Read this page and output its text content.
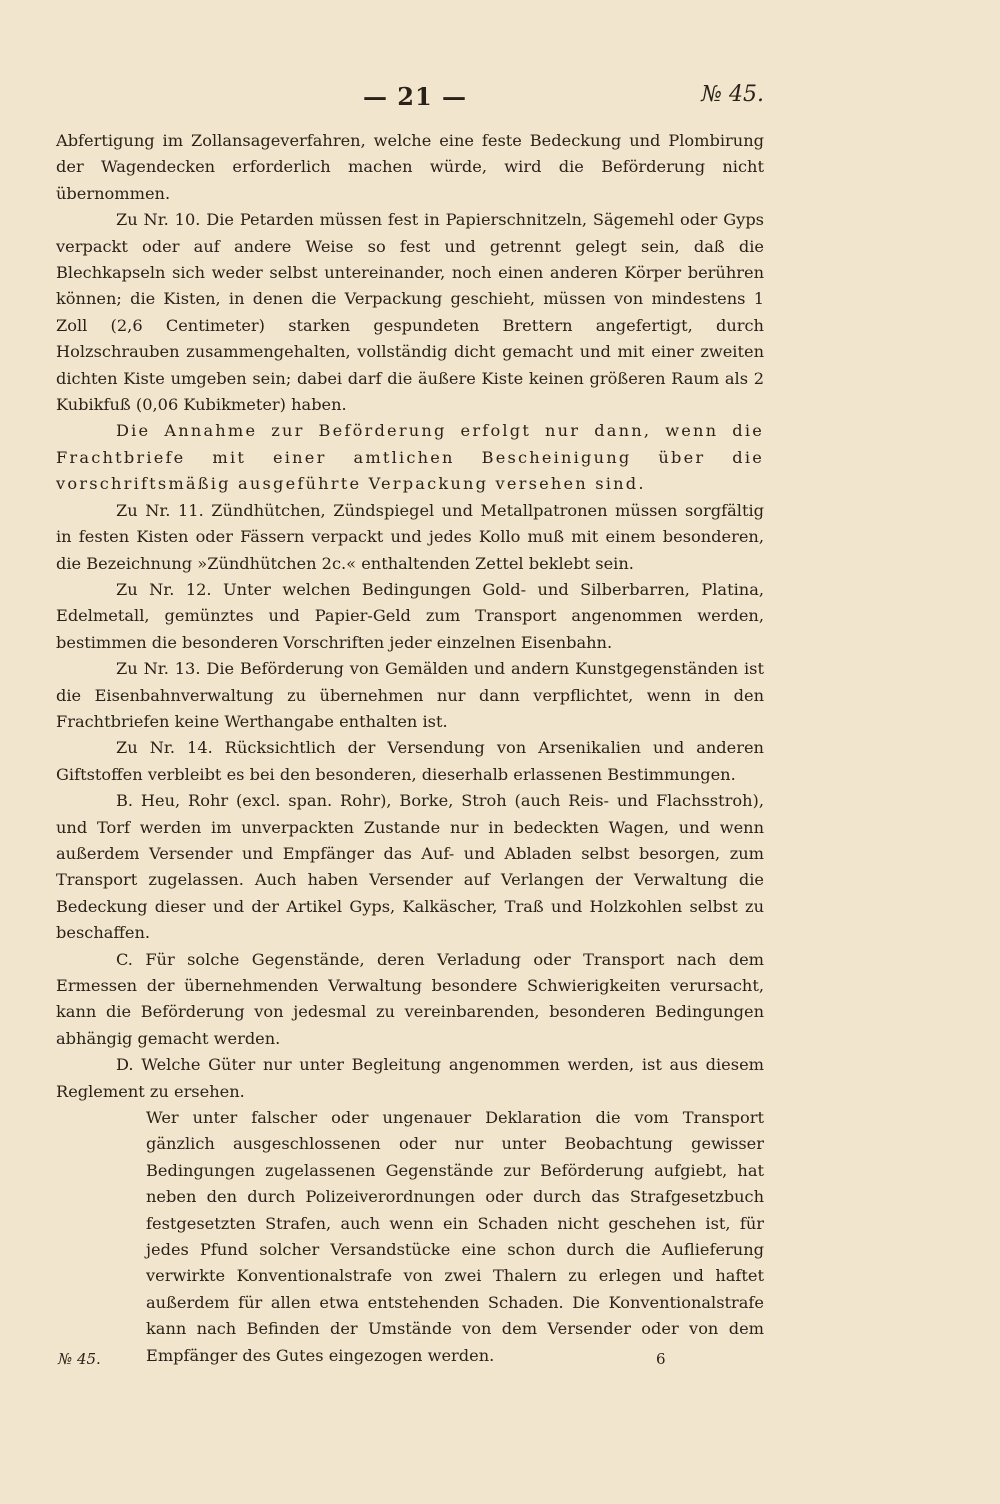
— 21 —	№ 45.

Abfertigung im Zollansageverfahren, welche eine feste Bedeckung und Plombirung der Wagendecken erforderlich machen würde, wird die Beförderung nicht übernommen.

Zu Nr. 10. Die Petarden müssen fest in Papierschnitzeln, Sägemehl oder Gyps verpackt oder auf andere Weise so fest und getrennt gelegt sein, daß die Blechkapseln sich weder selbst untereinander, noch einen anderen Körper berühren können; die Kisten, in denen die Verpackung geschieht, müssen von mindestens 1 Zoll (2,6 Centimeter) starken gespundeten Brettern angefertigt, durch Holzschrauben zusammengehalten, vollständig dicht gemacht und mit einer zweiten dichten Kiste umgeben sein; dabei darf die äußere Kiste keinen größeren Raum als 2 Kubikfuß (0,06 Kubikmeter) haben.

Die Annahme zur Beförderung erfolgt nur dann, wenn die Frachtbriefe mit einer amtlichen Bescheinigung über die vorschriftsmäßig ausgeführte Verpackung versehen sind.

Zu Nr. 11. Zündhütchen, Zündspiegel und Metallpatronen müssen sorgfältig in festen Kisten oder Fässern verpackt und jedes Kollo muß mit einem besonderen, die Bezeichnung »Zündhütchen 2c.« enthaltenden Zettel beklebt sein.

Zu Nr. 12. Unter welchen Bedingungen Gold- und Silberbarren, Platina, Edelmetall, gemünztes und Papier-Geld zum Transport angenommen werden, bestimmen die besonderen Vorschriften jeder einzelnen Eisenbahn.

Zu Nr. 13. Die Beförderung von Gemälden und andern Kunstgegenständen ist die Eisenbahnverwaltung zu übernehmen nur dann verpflichtet, wenn in den Frachtbriefen keine Werthangabe enthalten ist.

Zu Nr. 14. Rücksichtlich der Versendung von Arsenikalien und anderen Giftstoffen verbleibt es bei den besonderen, dieserhalb erlassenen Bestimmungen.

B. Heu, Rohr (excl. span. Rohr), Borke, Stroh (auch Reis- und Flachsstroh), und Torf werden im unverpackten Zustande nur in bedeckten Wagen, und wenn außerdem Versender und Empfänger das Auf- und Abladen selbst besorgen, zum Transport zugelassen. Auch haben Versender auf Verlangen der Verwaltung die Bedeckung dieser und der Artikel Gyps, Kalkäscher, Traß und Holzkohlen selbst zu beschaffen.

C. Für solche Gegenstände, deren Verladung oder Transport nach dem Ermessen der übernehmenden Verwaltung besondere Schwierigkeiten verursacht, kann die Beförderung von jedesmal zu vereinbarenden, besonderen Bedingungen abhängig gemacht werden.

D. Welche Güter nur unter Begleitung angenommen werden, ist aus diesem Reglement zu ersehen.

Wer unter falscher oder ungenauer Deklaration die vom Transport gänzlich ausgeschlossenen oder nur unter Beobachtung gewisser Bedingungen zugelassenen Gegenstände zur Beförderung aufgiebt, hat neben den durch Polizeiverordnungen oder durch das Strafgesetzbuch festgesetzten Strafen, auch wenn ein Schaden nicht geschehen ist, für jedes Pfund solcher Versandstücke eine schon durch die Auflieferung verwirkte Konventionalstrafe von zwei Thalern zu erlegen und haftet außerdem für allen etwa entstehenden Schaden. Die Konventionalstrafe kann nach Befinden der Umstände von dem Versender oder von dem Empfänger des Gutes eingezogen werden.

№ 45.	6
